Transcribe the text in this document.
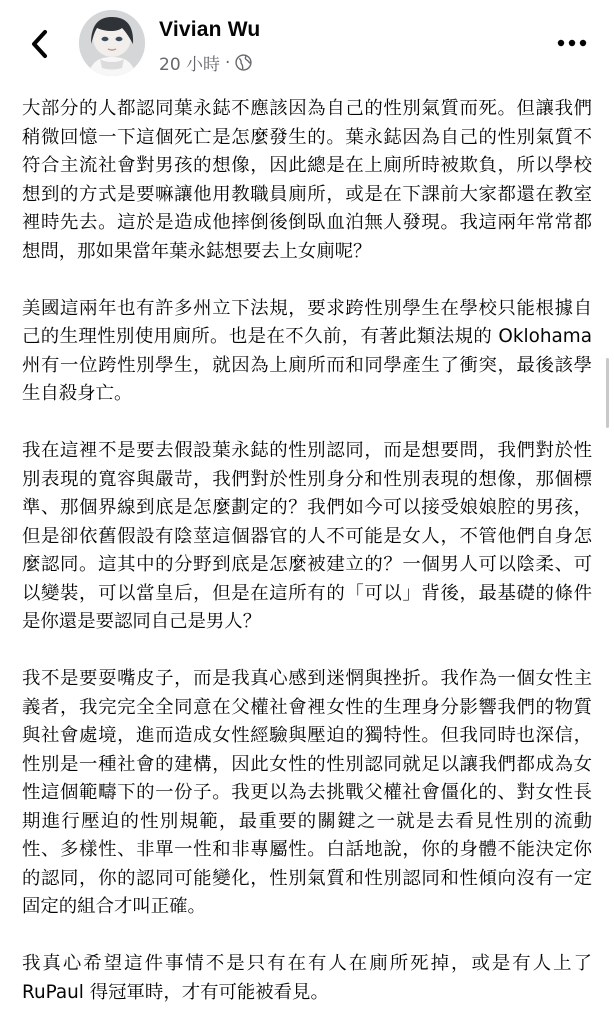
Vivian Wu
20 小時 ·

大部分的人都認同葉永鋕不應該因為自己的性別氣質而死。但讓我們稍微回憶一下這個死亡是怎麼發生的。葉永鋕因為自己的性別氣質不符合主流社會對男孩的想像，因此總是在上廁所時被欺負，所以學校想到的方式是要嘛讓他用教職員廁所，或是在下課前大家都還在教室裡時先去。這於是造成他摔倒後倒臥血泊無人發現。我這兩年常常都想問，那如果當年葉永鋕想要去上女廁呢？

美國這兩年也有許多州立下法規，要求跨性別學生在學校只能根據自己的生理性別使用廁所。也是在不久前，有著此類法規的 Oklohama 州有一位跨性別學生，就因為上廁所而和同學產生了衝突，最後該學生自殺身亡。

我在這裡不是要去假設葉永鋕的性別認同，而是想要問，我們對於性別表現的寬容與嚴苛，我們對於性別身分和性別表現的想像，那個標準、那個界線到底是怎麼劃定的？我們如今可以接受娘娘腔的男孩，但是卻依舊假設有陰莖這個器官的人不可能是女人，不管他們自身怎麼認同。這其中的分野到底是怎麼被建立的？一個男人可以陰柔、可以變裝，可以當皇后，但是在這所有的「可以」背後，最基礎的條件是你還是要認同自己是男人？

我不是要耍嘴皮子，而是我真心感到迷惘與挫折。我作為一個女性主義者，我完完全全同意在父權社會裡女性的生理身分影響我們的物質與社會處境，進而造成女性經驗與壓迫的獨特性。但我同時也深信，性別是一種社會的建構，因此女性的性別認同就足以讓我們都成為女性這個範疇下的一份子。我更以為去挑戰父權社會僵化的、對女性長期進行壓迫的性別規範，最重要的關鍵之一就是去看見性別的流動性、多樣性、非單一性和非專屬性。白話地說，你的身體不能決定你的認同，你的認同可能變化，性別氣質和性別認同和性傾向沒有一定固定的組合才叫正確。

我真心希望這件事情不是只有在有人在廁所死掉，或是有人上了 RuPaul 得冠軍時，才有可能被看見。
